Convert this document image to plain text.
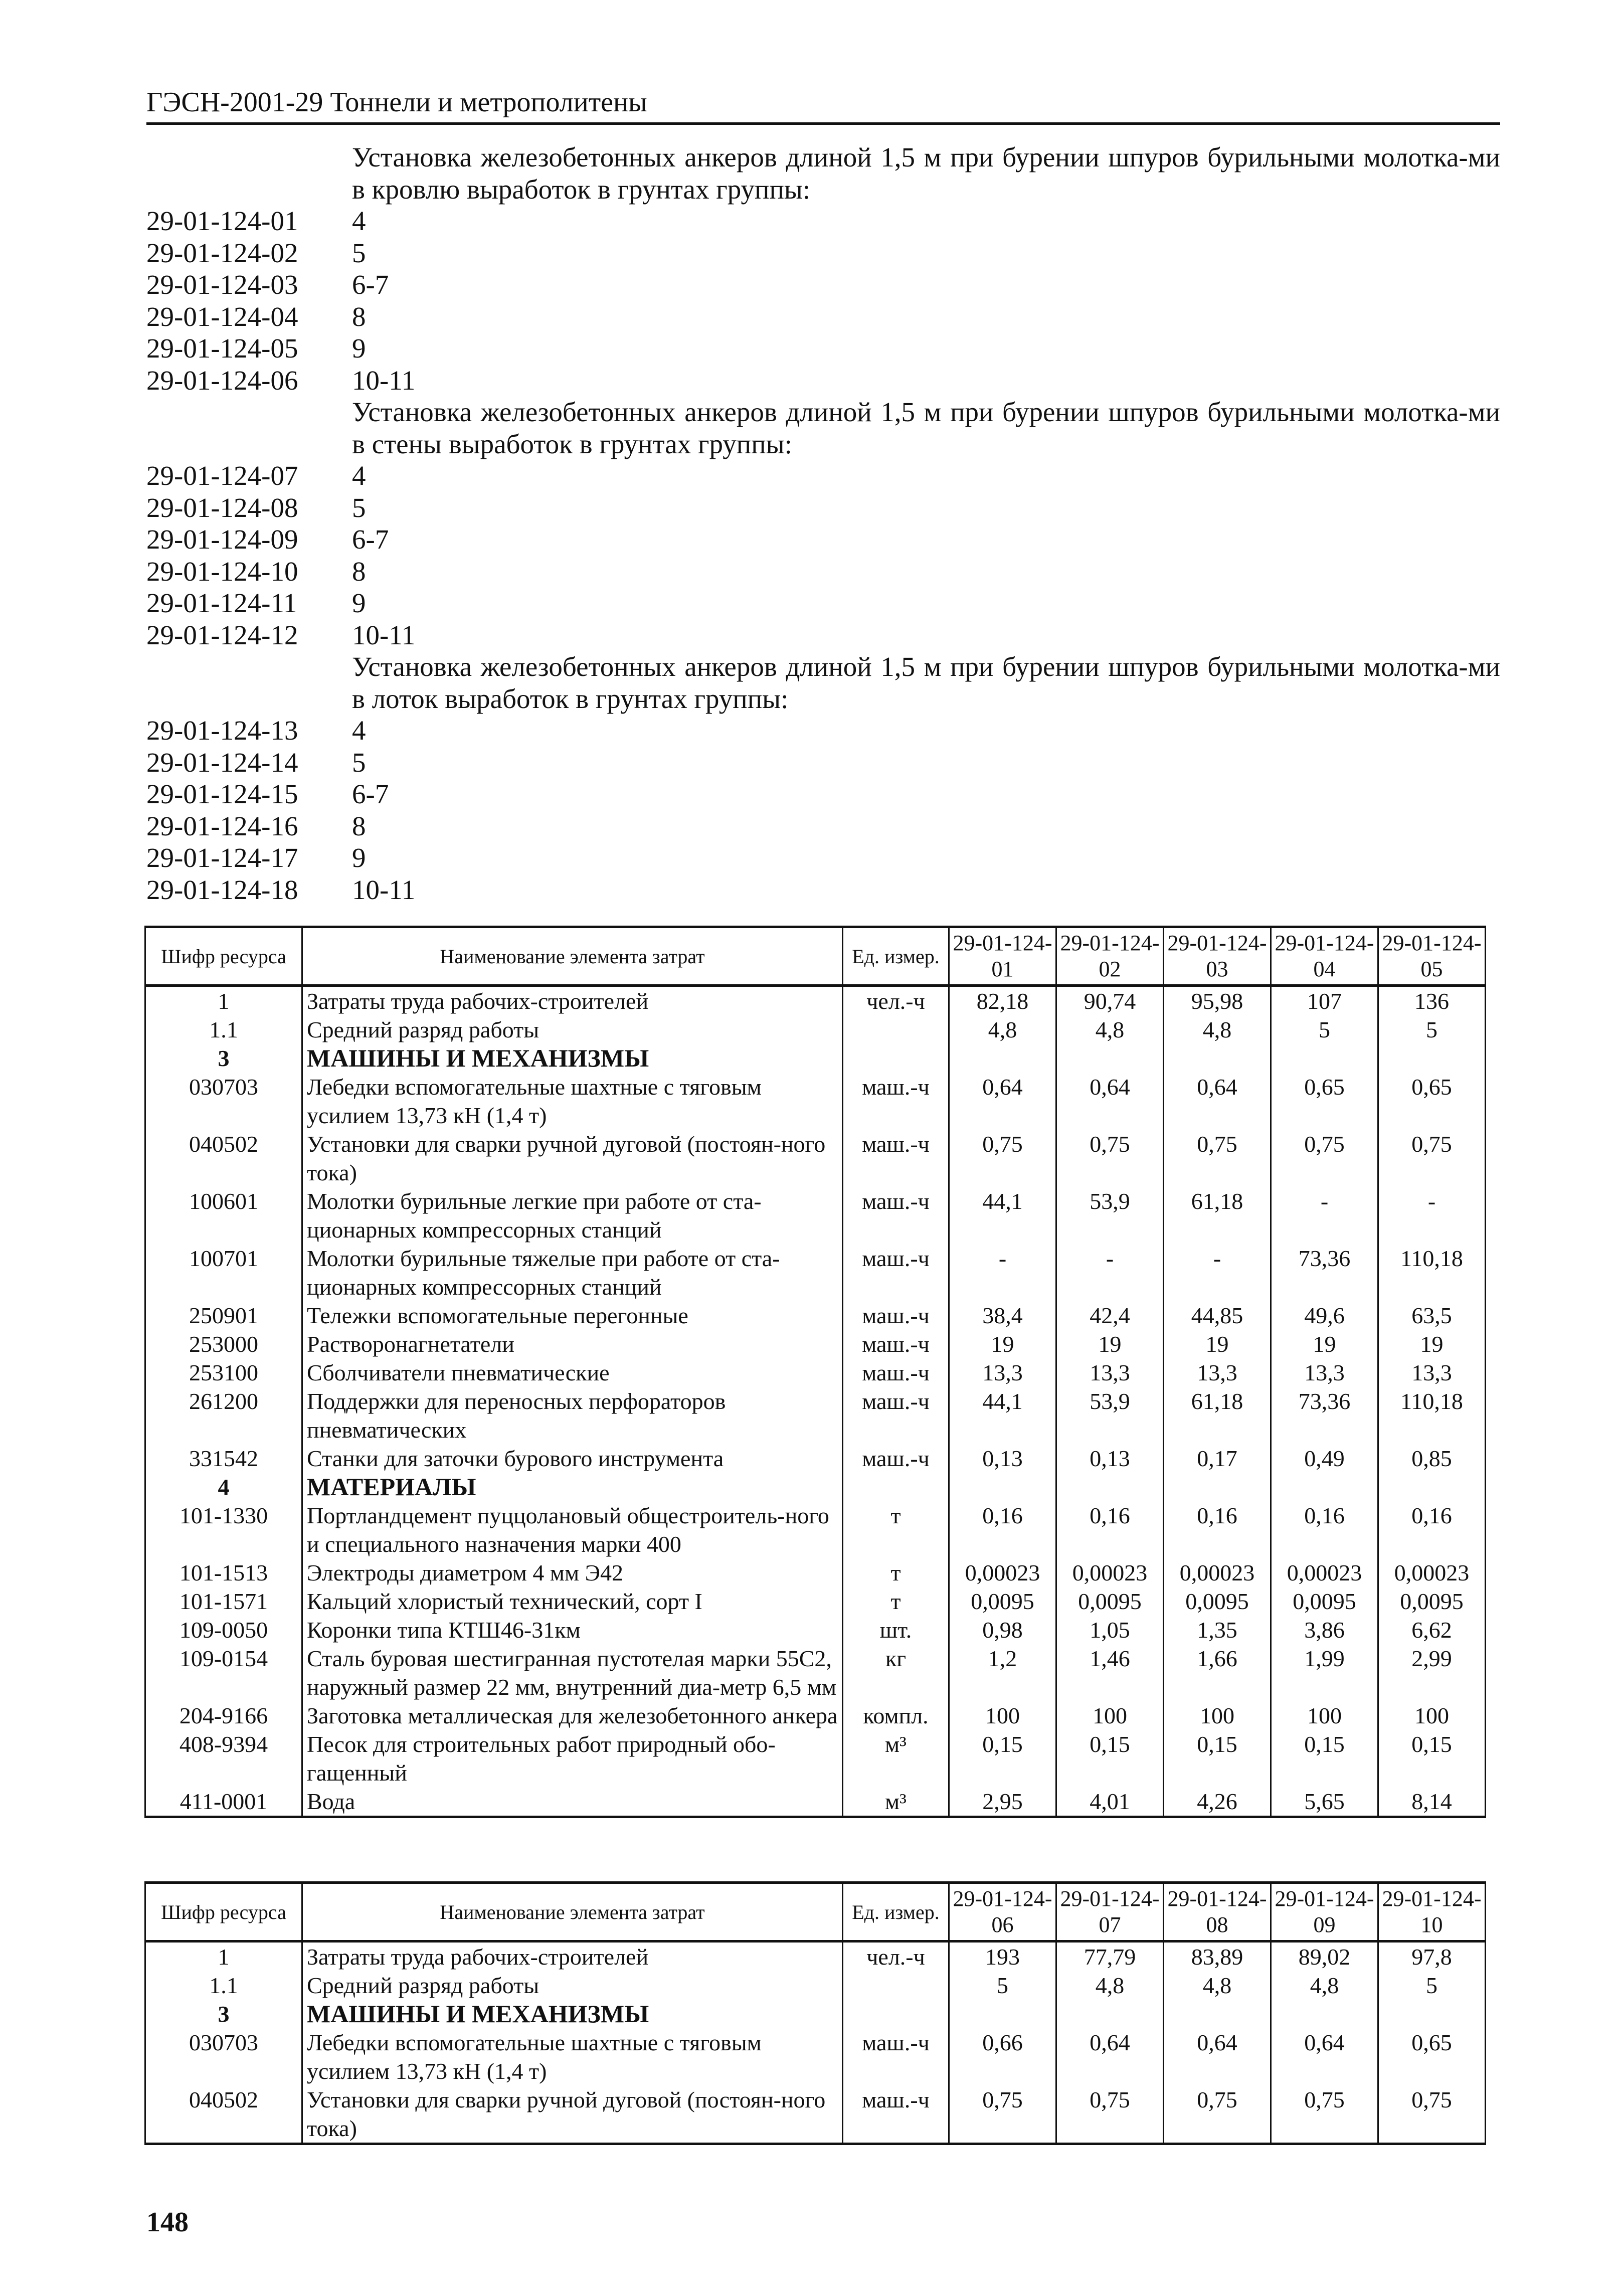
ГЭСН-2001-29 Тоннели и метрополитены
Установка железобетонных анкеров длиной 1,5 м при бурении шпуров бурильными молотка-ми в кровлю выработок в грунтах группы:
29-01-124-01	4
29-01-124-02	5
29-01-124-03	6-7
29-01-124-04	8
29-01-124-05	9
29-01-124-06	10-11
Установка железобетонных анкеров длиной 1,5 м при бурении шпуров бурильными молотка-ми в стены выработок в грунтах группы:
29-01-124-07	4
29-01-124-08	5
29-01-124-09	6-7
29-01-124-10	8
29-01-124-11	9
29-01-124-12	10-11
Установка железобетонных анкеров длиной 1,5 м при бурении шпуров бурильными молотка-ми в лоток выработок в грунтах группы:
29-01-124-13	4
29-01-124-14	5
29-01-124-15	6-7
29-01-124-16	8
29-01-124-17	9
29-01-124-18	10-11
Шифр ресурса	Наименование элемента затрат	Ед. измер.	29-01-124-01	29-01-124-02	29-01-124-03	29-01-124-04	29-01-124-05
1	Затраты труда рабочих-строителей	чел.-ч	82,18	90,74	95,98	107	136
1.1	Средний разряд работы		4,8	4,8	4,8	5	5
3	МАШИНЫ И МЕХАНИЗМЫ						
030703	Лебедки вспомогательные шахтные с тяговым усилием 13,73 кН (1,4 т)	маш.-ч	0,64	0,64	0,64	0,65	0,65
040502	Установки для сварки ручной дуговой (постоян-ного тока)	маш.-ч	0,75	0,75	0,75	0,75	0,75
100601	Молотки бурильные легкие при работе от ста-ционарных компрессорных станций	маш.-ч	44,1	53,9	61,18	-	-
100701	Молотки бурильные тяжелые при работе от ста-ционарных компрессорных станций	маш.-ч	-	-	-	73,36	110,18
250901	Тележки вспомогательные перегонные	маш.-ч	38,4	42,4	44,85	49,6	63,5
253000	Растворонагнетатели	маш.-ч	19	19	19	19	19
253100	Сболчиватели пневматические	маш.-ч	13,3	13,3	13,3	13,3	13,3
261200	Поддержки для переносных перфораторов пневматических	маш.-ч	44,1	53,9	61,18	73,36	110,18
331542	Станки для заточки бурового инструмента	маш.-ч	0,13	0,13	0,17	0,49	0,85
4	МАТЕРИАЛЫ						
101-1330	Портландцемент пуццолановый общестроитель-ного и специального назначения марки 400	т	0,16	0,16	0,16	0,16	0,16
101-1513	Электроды диаметром 4 мм Э42	т	0,00023	0,00023	0,00023	0,00023	0,00023
101-1571	Кальций хлористый технический, сорт I	т	0,0095	0,0095	0,0095	0,0095	0,0095
109-0050	Коронки типа КТШ46-31км	шт.	0,98	1,05	1,35	3,86	6,62
109-0154	Сталь буровая шестигранная пустотелая марки 55С2, наружный размер 22 мм, внутренний диа-метр 6,5 мм	кг	1,2	1,46	1,66	1,99	2,99
204-9166	Заготовка металлическая для железобетонного анкера	компл.	100	100	100	100	100
408-9394	Песок для строительных работ природный обо-гащенный	м³	0,15	0,15	0,15	0,15	0,15
411-0001	Вода	м³	2,95	4,01	4,26	5,65	8,14
Шифр ресурса	Наименование элемента затрат	Ед. измер.	29-01-124-06	29-01-124-07	29-01-124-08	29-01-124-09	29-01-124-10
1	Затраты труда рабочих-строителей	чел.-ч	193	77,79	83,89	89,02	97,8
1.1	Средний разряд работы		5	4,8	4,8	4,8	5
3	МАШИНЫ И МЕХАНИЗМЫ						
030703	Лебедки вспомогательные шахтные с тяговым усилием 13,73 кН (1,4 т)	маш.-ч	0,66	0,64	0,64	0,64	0,65
040502	Установки для сварки ручной дуговой (постоян-ного тока)	маш.-ч	0,75	0,75	0,75	0,75	0,75
148
